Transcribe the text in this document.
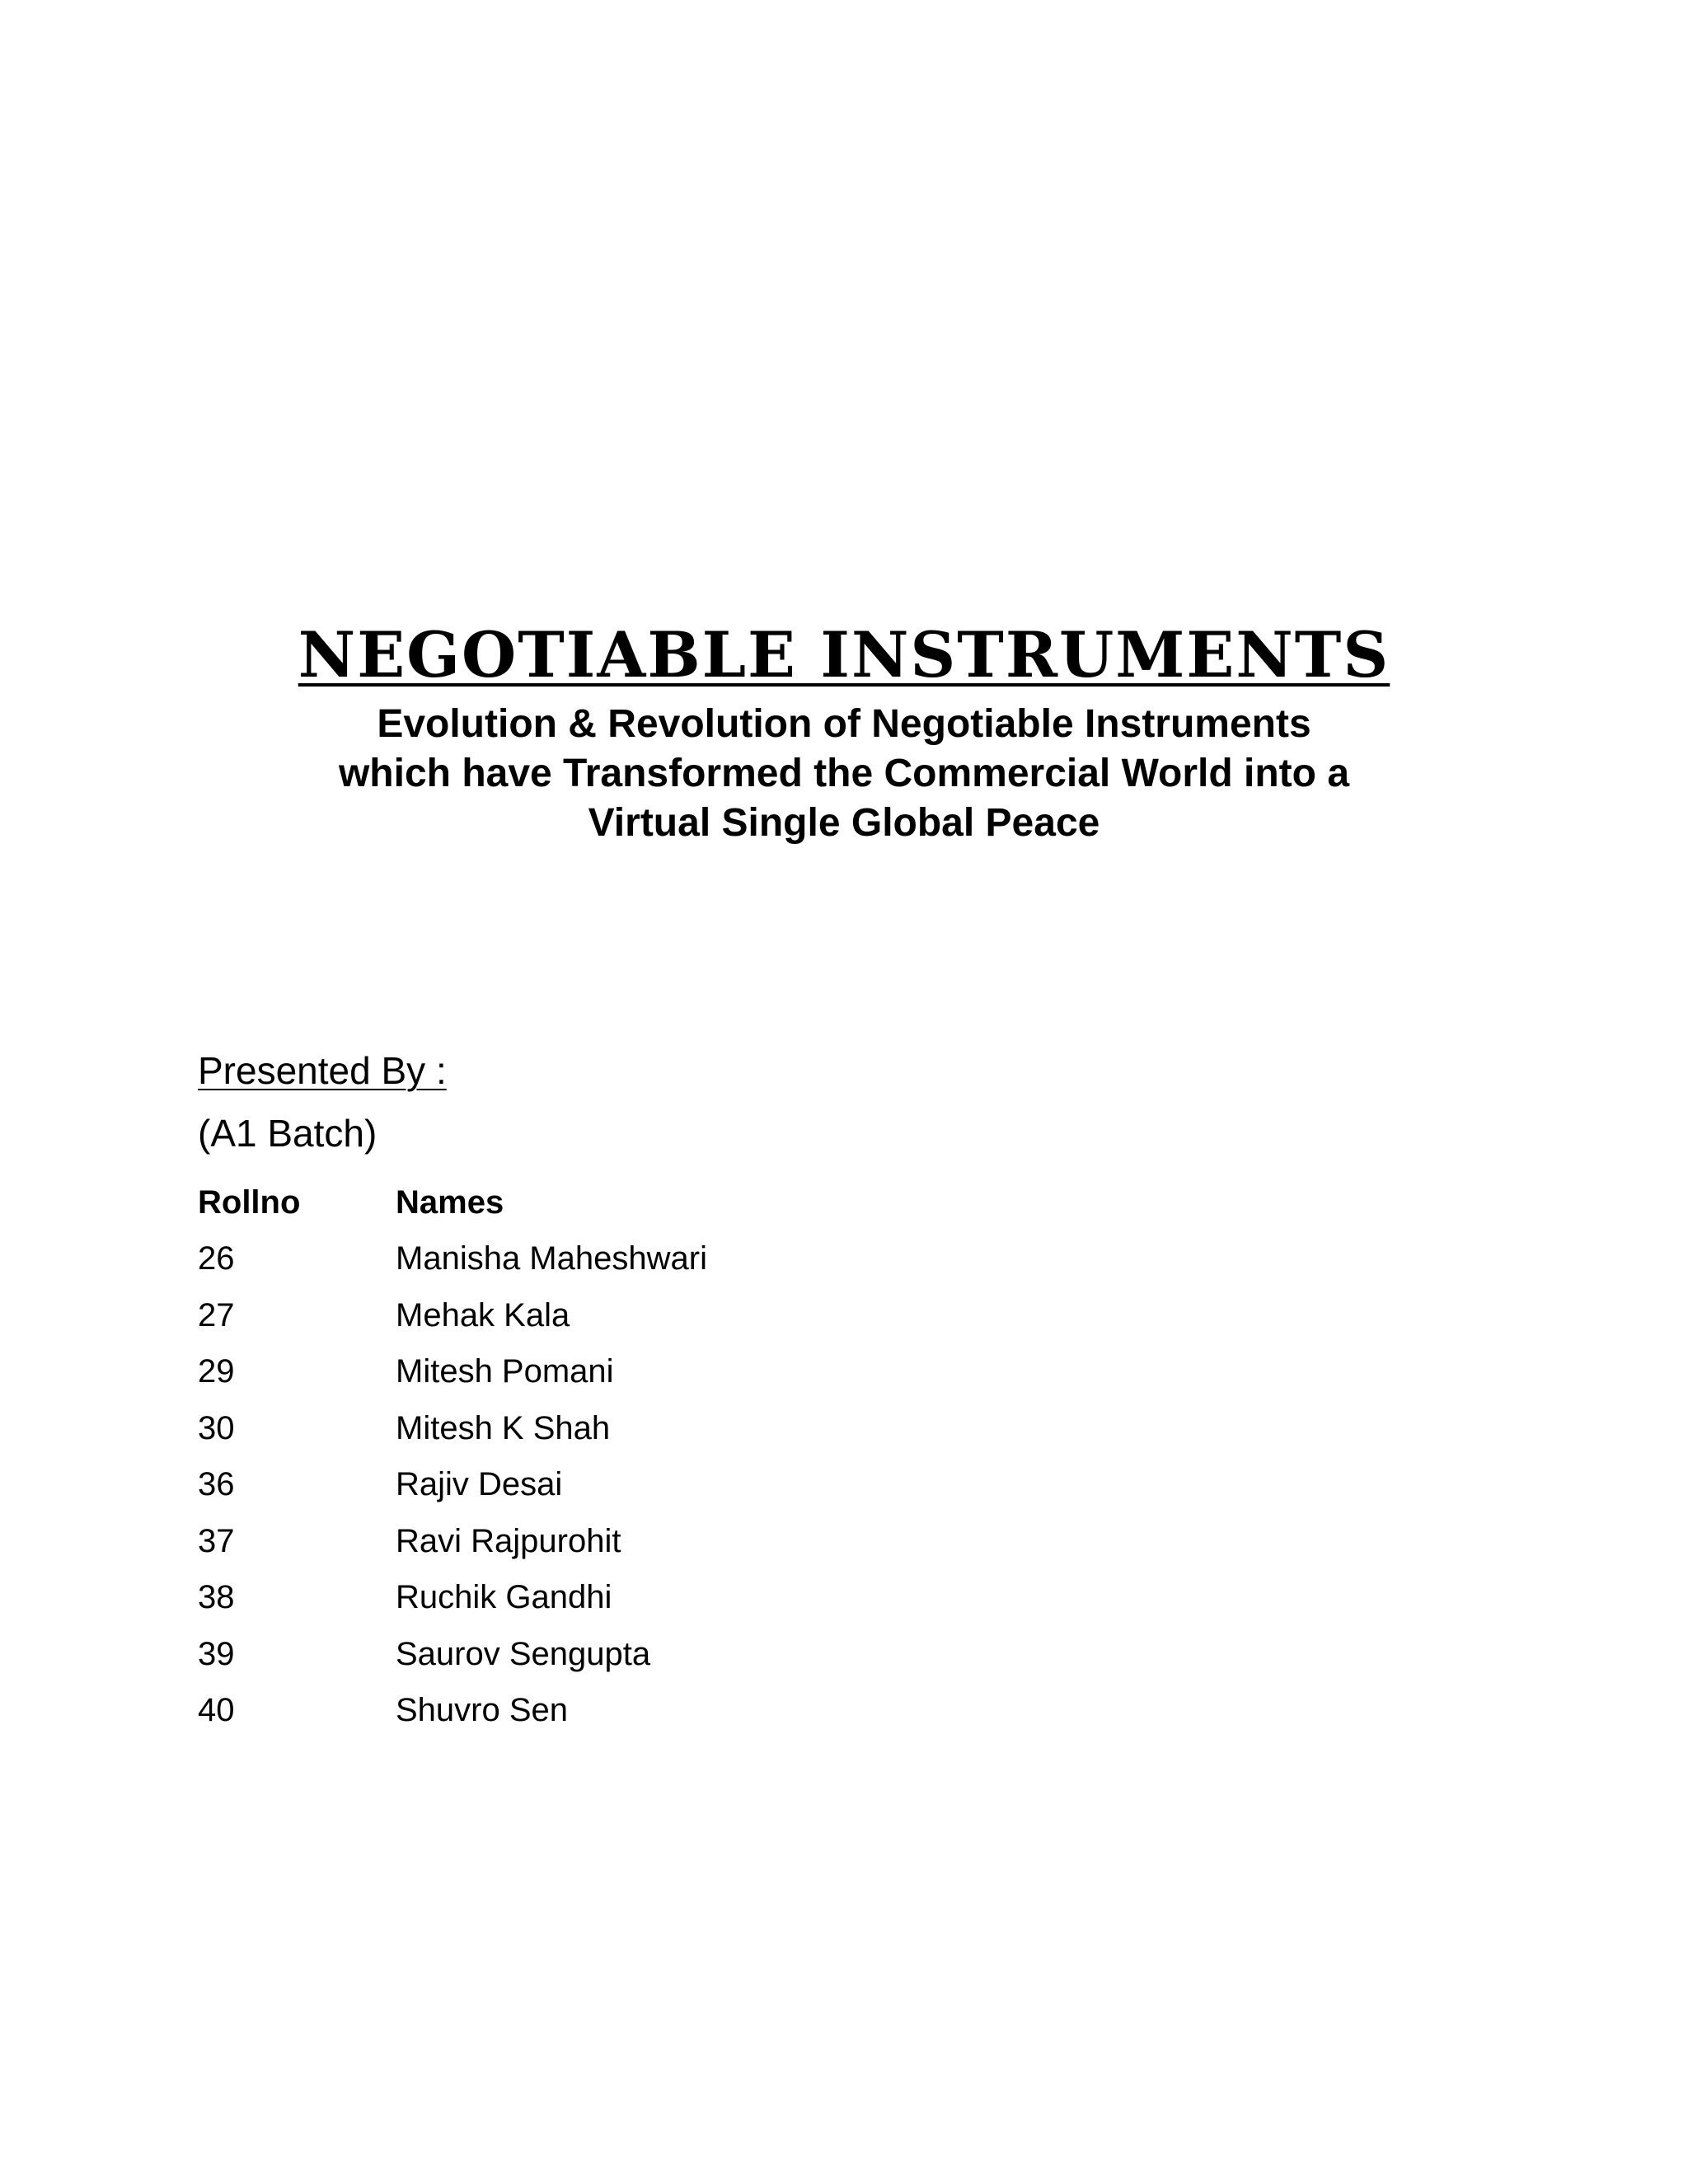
NEGOTIABLE INSTRUMENTS
Evolution & Revolution of Negotiable Instruments
which have Transformed the Commercial World into a
Virtual Single Global Peace

Presented By :

(A1 Batch)

Rollno	Names
26	Manisha Maheshwari
27	Mehak Kala
29	Mitesh Pomani
30	Mitesh K Shah
36	Rajiv Desai
37	Ravi Rajpurohit
38	Ruchik Gandhi
39	Saurov Sengupta
40	Shuvro Sen
